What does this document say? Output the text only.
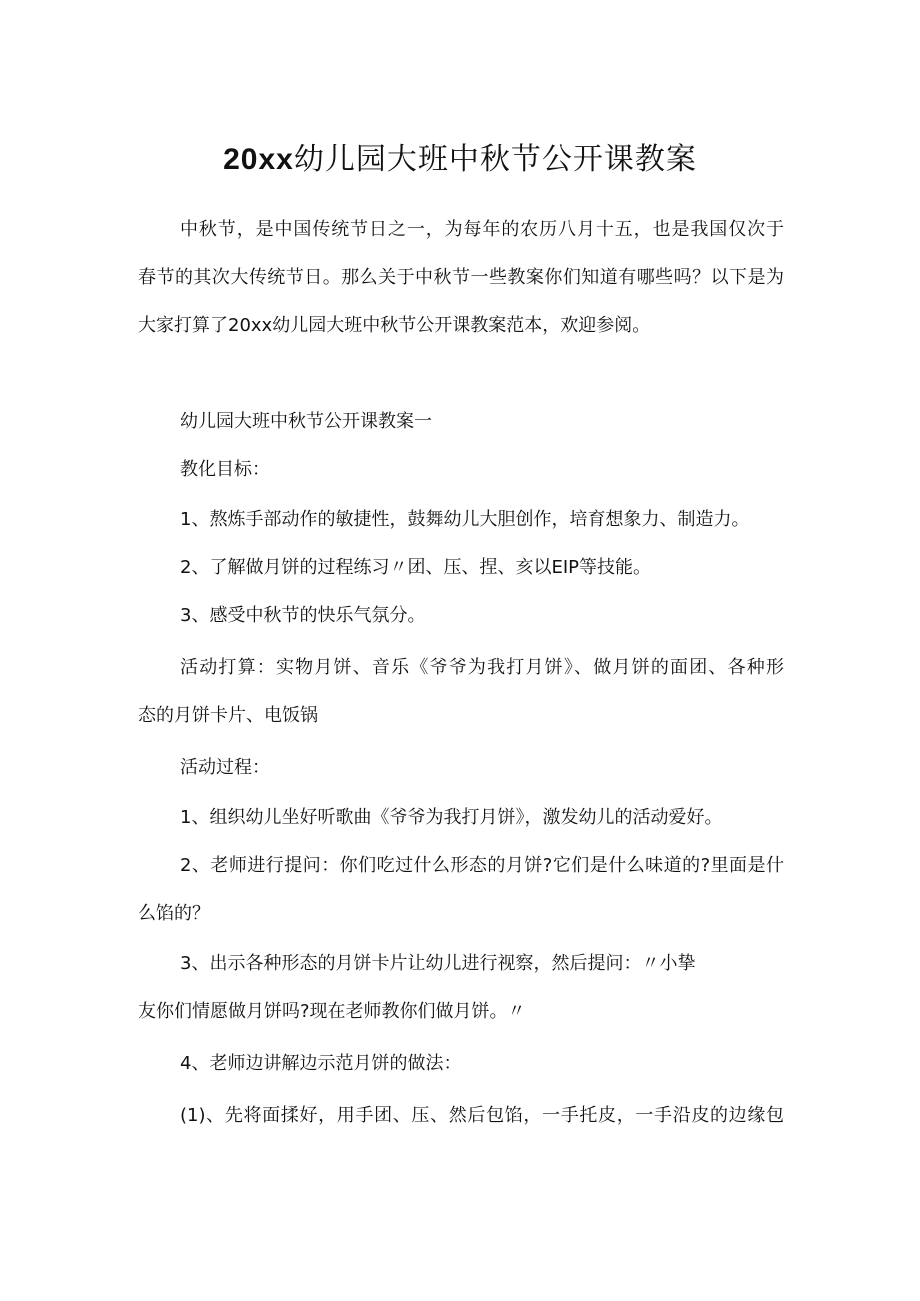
20xx幼儿园大班中秋节公开课教案

中秋节，是中国传统节日之一，为每年的农历八月十五，也是我国仅次于

春节的其次大传统节日。那么关于中秋节一些教案你们知道有哪些吗？以下是为

大家打算了20xx幼儿园大班中秋节公开课教案范本，欢迎参阅。

幼儿园大班中秋节公开课教案一

教化目标：

1、熬炼手部动作的敏捷性，鼓舞幼儿大胆创作，培育想象力、制造力。

2、了解做月饼的过程练习〃团、压、捏、亥以EIP等技能。

3、感受中秋节的快乐气氛分。

活动打算：实物月饼、音乐《爷爷为我打月饼》、做月饼的面团、各种形

态的月饼卡片、电饭锅

活动过程：

1、组织幼儿坐好听歌曲《爷爷为我打月饼》，激发幼儿的活动爱好。

2、老师进行提问：你们吃过什么形态的月饼?它们是什么味道的?里面是什

么馅的？

3、出示各种形态的月饼卡片让幼儿进行视察，然后提问：〃小挚

友你们情愿做月饼吗?现在老师教你们做月饼。〃

4、老师边讲解边示范月饼的做法：

(1)、先将面揉好，用手团、压、然后包馅，一手托皮，一手沿皮的边缘包
